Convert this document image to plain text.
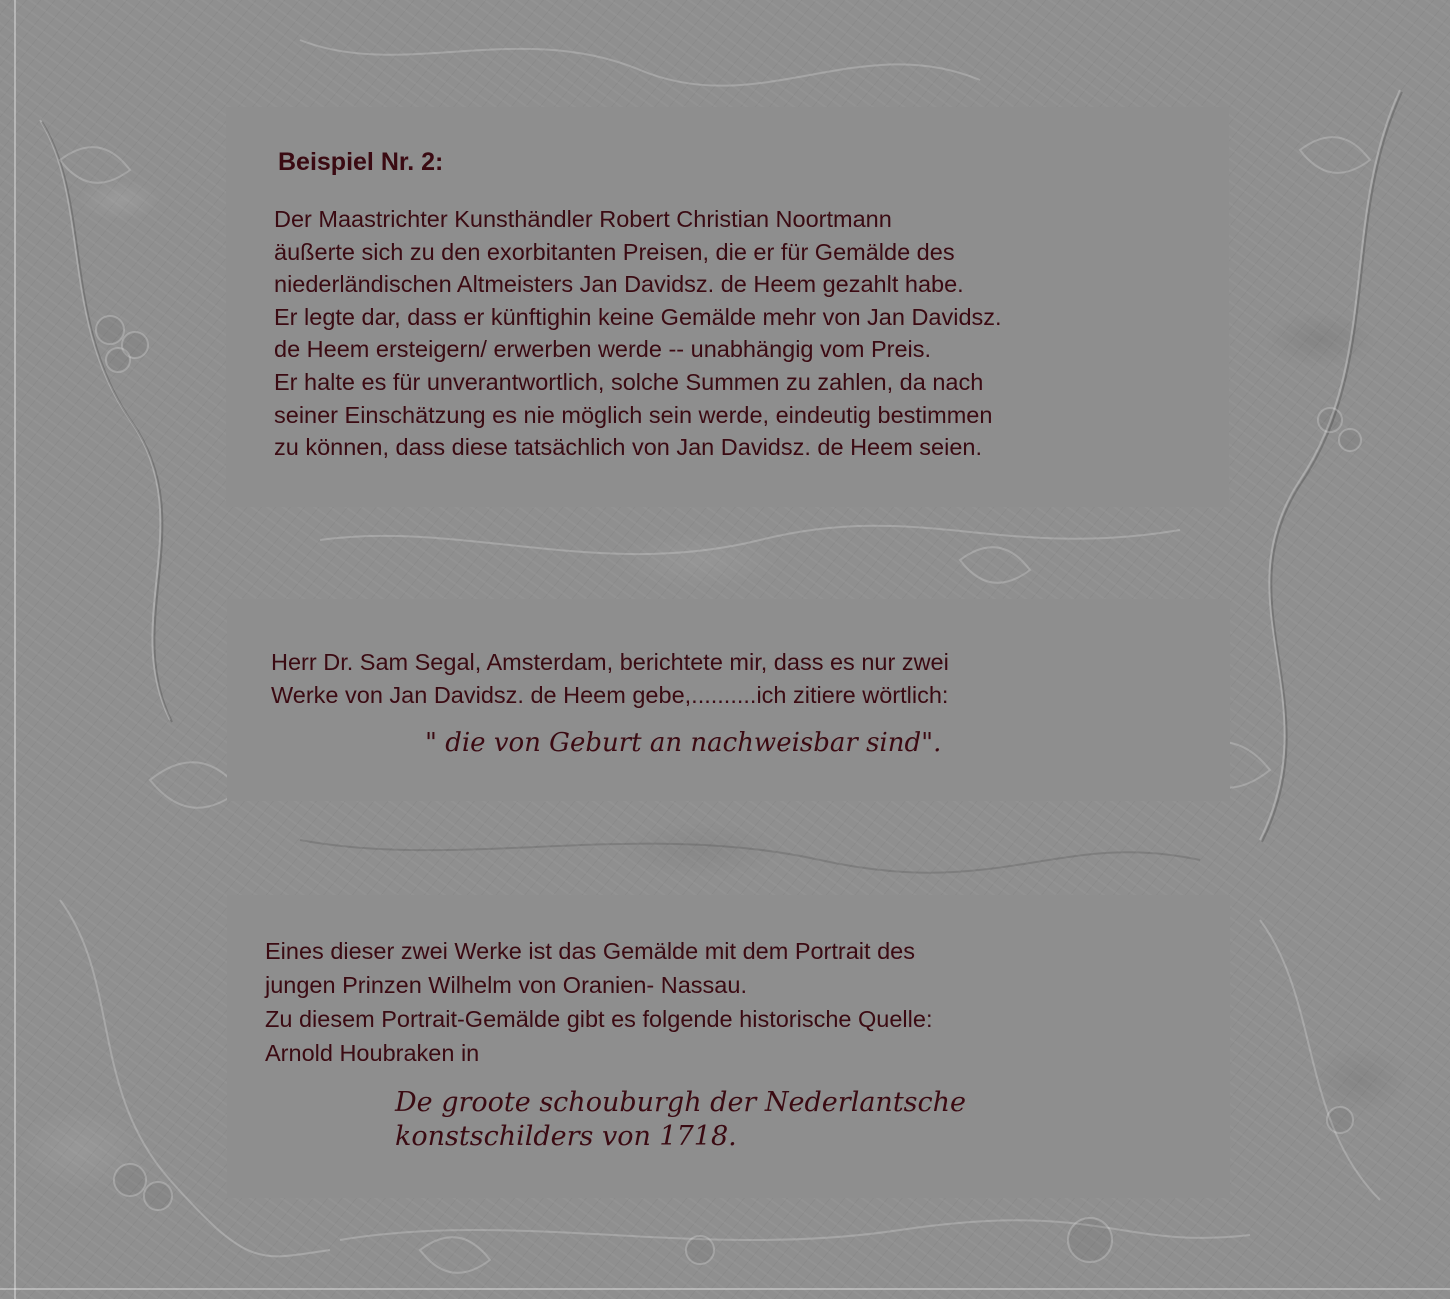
Beispiel Nr. 2:
Der Maastrichter Kunsthändler Robert Christian Noortmann
äußerte sich zu den exorbitanten Preisen, die er für Gemälde des
niederländischen Altmeisters Jan Davidsz. de Heem gezahlt habe.
Er legte dar, dass er künftighin keine Gemälde mehr von Jan Davidsz.
de Heem ersteigern/ erwerben werde -- unabhängig vom Preis.
Er halte es für unverantwortlich, solche Summen zu zahlen, da nach
seiner Einschätzung es nie möglich sein werde, eindeutig bestimmen
zu können, dass diese tatsächlich von Jan Davidsz. de Heem seien.
Herr Dr. Sam Segal, Amsterdam, berichtete mir, dass es nur zwei
Werke von Jan Davidsz. de Heem gebe,..........ich zitiere wörtlich:

" die von Geburt an nachweisbar sind".

Eines dieser zwei Werke ist das Gemälde mit dem Portrait des
jungen Prinzen Wilhelm von Oranien- Nassau.
Zu diesem Portrait-Gemälde gibt es folgende historische Quelle:
Arnold Houbraken in
De groote schouburgh der Nederlantsche
konstschilders von 1718.
